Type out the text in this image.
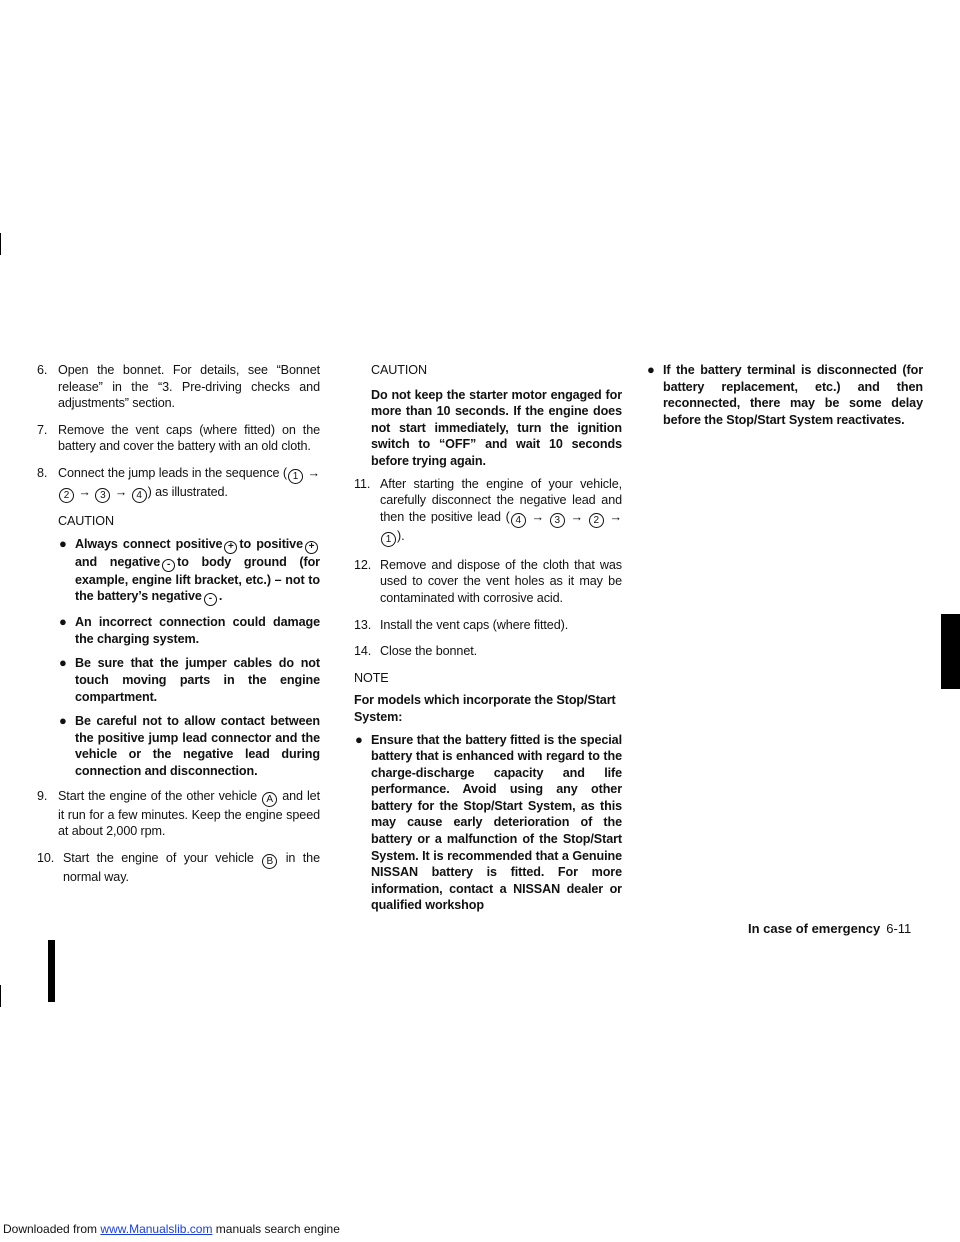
6. Open the bonnet. For details, see “Bonnet release” in the “3. Pre-driving checks and adjustments” section.
7. Remove the vent caps (where fitted) on the battery and cover the battery with an old cloth.
8. Connect the jump leads in the sequence ( 1 → 2 → 3 → 4 ) as illustrated.
CAUTION
● Always connect positive + to positive + and negative - to body ground (for example, engine lift bracket, etc.) – not to the battery’s negative - .
● An incorrect connection could damage the charging system.
● Be sure that the jumper cables do not touch moving parts in the engine compartment.
● Be careful not to allow contact between the positive jump lead connector and the vehicle or the negative lead during connection and disconnection.
9. Start the engine of the other vehicle A and let it run for a few minutes. Keep the engine speed at about 2,000 rpm.
10. Start the engine of your vehicle B in the normal way.
CAUTION
Do not keep the starter motor engaged for more than 10 seconds. If the engine does not start immediately, turn the ignition switch to “OFF” and wait 10 seconds before trying again.
11. After starting the engine of your vehicle, carefully disconnect the negative lead and then the positive lead ( 4 → 3 → 2 → 1 ).
12. Remove and dispose of the cloth that was used to cover the vent holes as it may be contaminated with corrosive acid.
13. Install the vent caps (where fitted).
14. Close the bonnet.
NOTE
For models which incorporate the Stop/Start System:
● Ensure that the battery fitted is the special battery that is enhanced with regard to the charge-discharge capacity and life performance. Avoid using any other battery for the Stop/Start System, as this may cause early deterioration of the battery or a malfunction of the Stop/Start System. It is recommended that a Genuine NISSAN battery is fitted. For more information, contact a NISSAN dealer or qualified workshop
● If the battery terminal is disconnected (for battery replacement, etc.) and then reconnected, there may be some delay before the Stop/Start System reactivates.
In case of emergency 6-11
Downloaded from www.Manualslib.com manuals search engine
